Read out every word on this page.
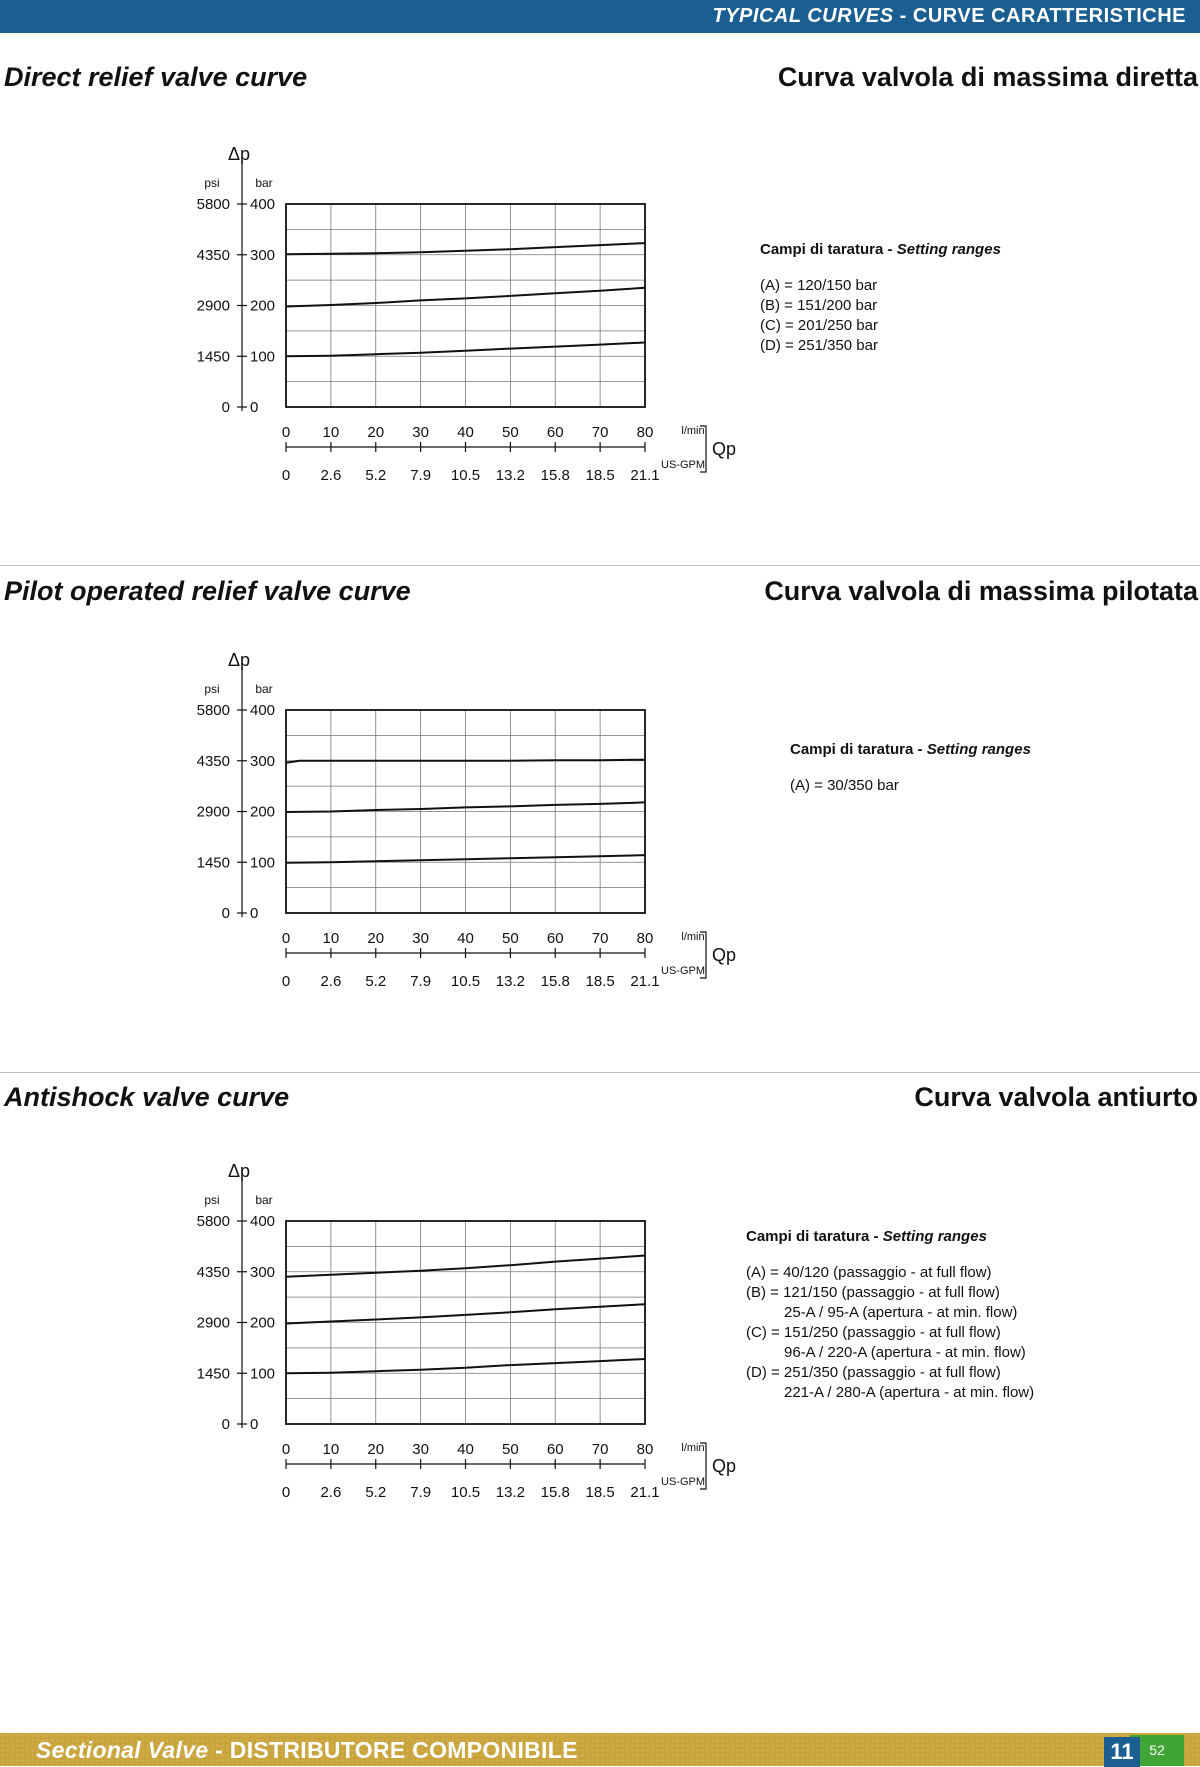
TYPICAL CURVES - CURVE CARATTERISTICHE
Direct relief valve curve	Curva valvola di massima diretta
Δp
psi	bar
0 0
1450 100
2900 200
4350 300
5800 400
0
0
10
2.6
20
5.2
30
7.9
40
10.5
50
13.2
60
15.8
70
18.5
80
21.1
l/min
US-GPM
Qp
Campi di taratura - Setting ranges
(A) = 120/150 bar
(B) = 151/200 bar
(C) = 201/250 bar
(D) = 251/350 bar
Pilot operated relief valve curve	Curva valvola di massima pilotata
Δp
psi	bar
0 0
1450 100
2900 200
4350 300
5800 400
0
0
10
2.6
20
5.2
30
7.9
40
10.5
50
13.2
60
15.8
70
18.5
80
21.1
l/min
US-GPM
Qp
Campi di taratura - Setting ranges
(A) = 30/350 bar
Antishock valve curve	Curva valvola antiurto
Δp
psi	bar
0 0
1450 100
2900 200
4350 300
5800 400
0
0
10
2.6
20
5.2
30
7.9
40
10.5
50
13.2
60
15.8
70
18.5
80
21.1
l/min
US-GPM
Qp
Campi di taratura - Setting ranges
(A) = 40/120 (passaggio - at full flow)
(B) = 121/150 (passaggio - at full flow)
25-A / 95-A (apertura - at min. flow)
(C) = 151/250 (passaggio - at full flow)
96-A / 220-A (apertura - at min. flow)
(D) = 251/350 (passaggio - at full flow)
221-A / 280-A (apertura - at min. flow)
Sectional Valve - DISTRIBUTORE COMPONIBILE	52
11
